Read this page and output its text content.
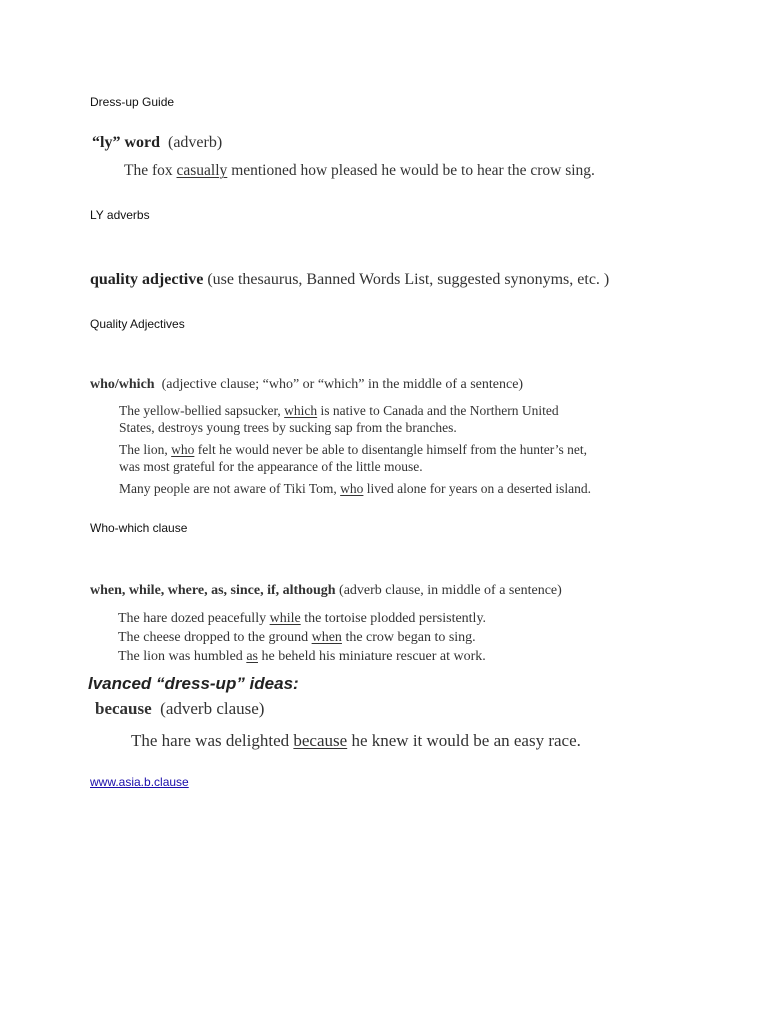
Dress-up Guide
“ly” word (adverb)
The fox casually mentioned how pleased he would be to hear the crow sing.
LY adverbs
quality adjective (use thesaurus, Banned Words List, suggested synonyms, etc. )
Quality Adjectives
who/which (adjective clause; “who” or “which” in the middle of a sentence)
The yellow-bellied sapsucker, which is native to Canada and the Northern United
States, destroys young trees by sucking sap from the branches.
The lion, who felt he would never be able to disentangle himself from the hunter’s net,
was most grateful for the appearance of the little mouse.
Many people are not aware of Tiki Tom, who lived alone for years on a deserted island.
Who-which clause
when, while, where, as, since, if, although (adverb clause, in middle of a sentence)
The hare dozed peacefully while the tortoise plodded persistently.
The cheese dropped to the ground when the crow began to sing.
The lion was humbled as he beheld his miniature rescuer at work.
lvanced “dress-up” ideas:
because (adverb clause)
The hare was delighted because he knew it would be an easy race.
www.asia.b.clause
